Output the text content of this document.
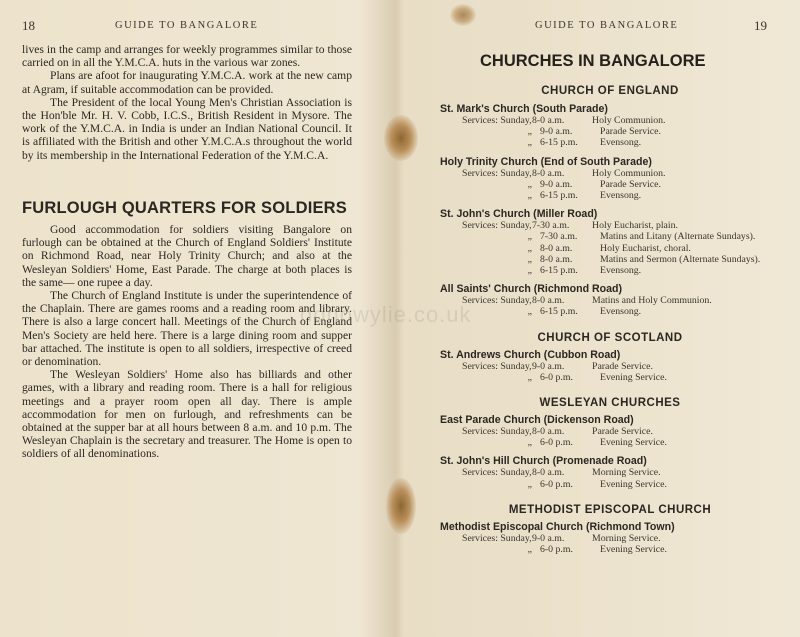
18	GUIDE TO BANGALORE

lives in the camp and arranges for weekly programmes similar to those carried on in all the Y.M.C.A. huts in the various war zones.

Plans are afoot for inaugurating Y.M.C.A. work at the new camp at Agram, if suitable accommodation can be provided.

The President of the local Young Men's Christian Association is the Hon'ble Mr. H. V. Cobb, I.C.S., British Resident in Mysore. The work of the Y.M.C.A. in India is under an Indian National Council. It is affiliated with the British and other Y.M.C.A.s throughout the world by its membership in the International Federation of the Y.M.C.A.

FURLOUGH QUARTERS FOR SOLDIERS

Good accommodation for soldiers visiting Bangalore on furlough can be obtained at the Church of England Soldiers' Institute on Richmond Road, near Holy Trinity Church; and also at the Wesleyan Soldiers' Home, East Parade. The charge at both places is the same— one rupee a day.

The Church of England Institute is under the superintendence of the Chaplain. There are games rooms and a reading room and library. There is also a large concert hall. Meetings of the Church of England Men's Society are held here. There is a large dining room and supper bar attached. The institute is open to all soldiers, irrespective of creed or denomination.

The Wesleyan Soldiers' Home also has billiards and other games, with a library and reading room. There is a hall for religious meetings and a prayer room open all day. There is ample accommodation for men on furlough, and refreshments can be obtained at the supper bar at all hours between 8 a.m. and 10 p.m. The Wesleyan Chaplain is the secretary and treasurer. The Home is open to soldiers of all denominations.

GUIDE TO BANGALORE	19
CHURCHES IN BANGALORE
CHURCH OF ENGLAND
St. Mark's Church (South Parade)
Services: Sunday, 8-0 a.m.	Holy Communion.
„ 9-0 a.m.	Parade Service.
„ 6-15 p.m.	Evensong.
Holy Trinity Church (End of South Parade)
Services: Sunday, 8-0 a.m.	Holy Communion.
„ 9-0 a.m.	Parade Service.
„ 6-15 p.m.	Evensong.
St. John's Church (Miller Road)
Services: Sunday, 7-30 a.m.	Holy Eucharist, plain.
„ 7-30 a.m.	Matins and Litany (Alternate Sundays).
„ 8-0 a.m.	Holy Eucharist, choral.
„ 8-0 a.m.	Matins and Sermon (Alternate Sundays).
„ 6-15 p.m.	Evensong.
All Saints' Church (Richmond Road)
Services: Sunday, 8-0 a.m.	Matins and Holy Communion.
„ 6-15 p.m.	Evensong.
CHURCH OF SCOTLAND
St. Andrews Church (Cubbon Road)
Services: Sunday, 9-0 a.m.	Parade Service.
„ 6-0 p.m.	Evening Service.
WESLEYAN CHURCHES
East Parade Church (Dickenson Road)
Services: Sunday, 8-0 a.m.	Parade Service.
„ 6-0 p.m.	Evening Service.
St. John's Hill Church (Promenade Road)
Services: Sunday, 8-0 a.m.	Morning Service.
„ 6-0 p.m.	Evening Service.
METHODIST EPISCOPAL CHURCH
Methodist Episcopal Church (Richmond Town)
Services: Sunday, 9-0 a.m.	Morning Service.
„ 6-0 p.m.	Evening Service.
donowylie.co.uk
